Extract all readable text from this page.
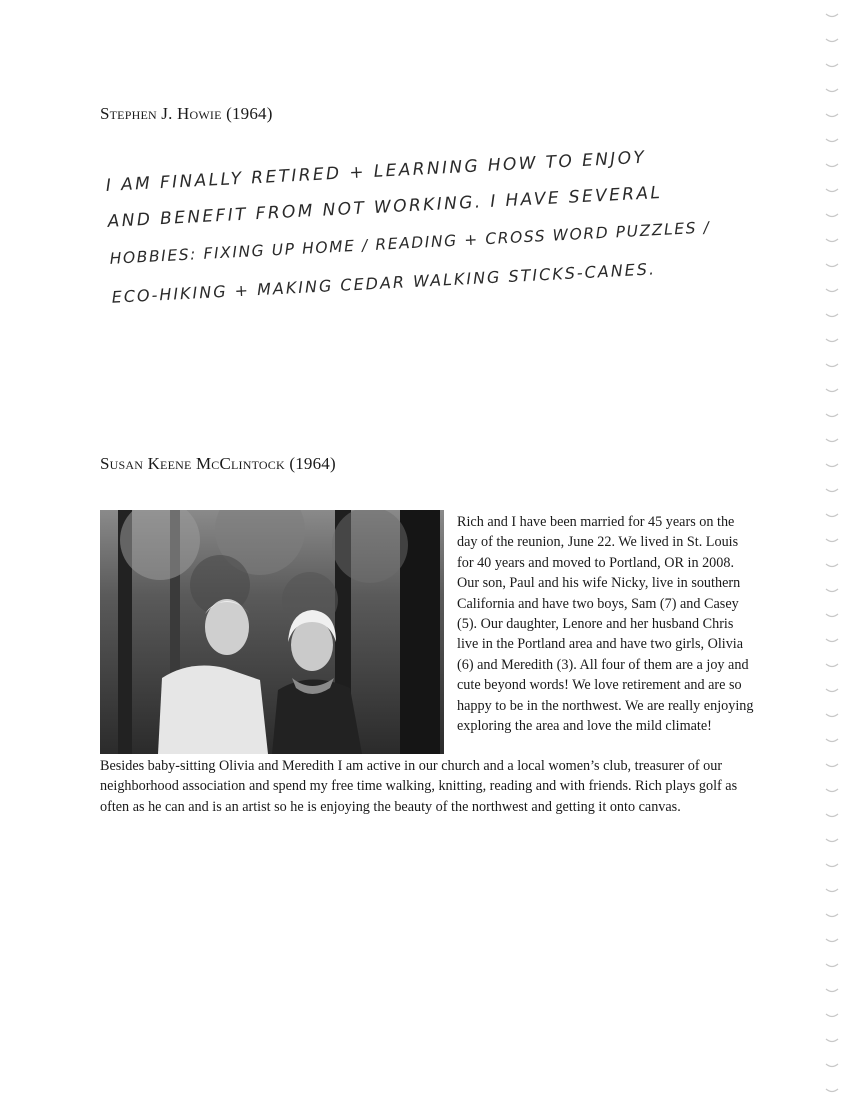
Stephen J. Howie (1964)
I AM FINALLY RETIRED + LEARNING HOW TO ENJOY
AND BENEFIT FROM NOT WORKING. I HAVE SEVERAL
HOBBIES: FIXING UP HOME / READING + CROSS WORD PUZZLES /
ECO-HIKING + MAKING CEDAR WALKING STICKS-CANES.
Susan Keene McClintock (1964)
Rich and I have been married for 45 years on the day of the reunion, June 22. We lived in St. Louis for 40 years and moved to Portland, OR in 2008. Our son, Paul and his wife Nicky, live in southern California and have two boys, Sam (7) and Casey (5). Our daughter, Lenore and her husband Chris live in the Portland area and have two girls, Olivia (6) and Meredith (3). All four of them are a joy and cute beyond words! We love retirement and are so happy to be in the northwest. We are really enjoying exploring the area and love the mild climate!
Besides baby-sitting Olivia and Meredith I am active in our church and a local women’s club, treasurer of our neighborhood association and spend my free time walking, knitting, reading and with friends. Rich plays golf as often as he can and is an artist so he is enjoying the beauty of the northwest and getting it onto canvas.
